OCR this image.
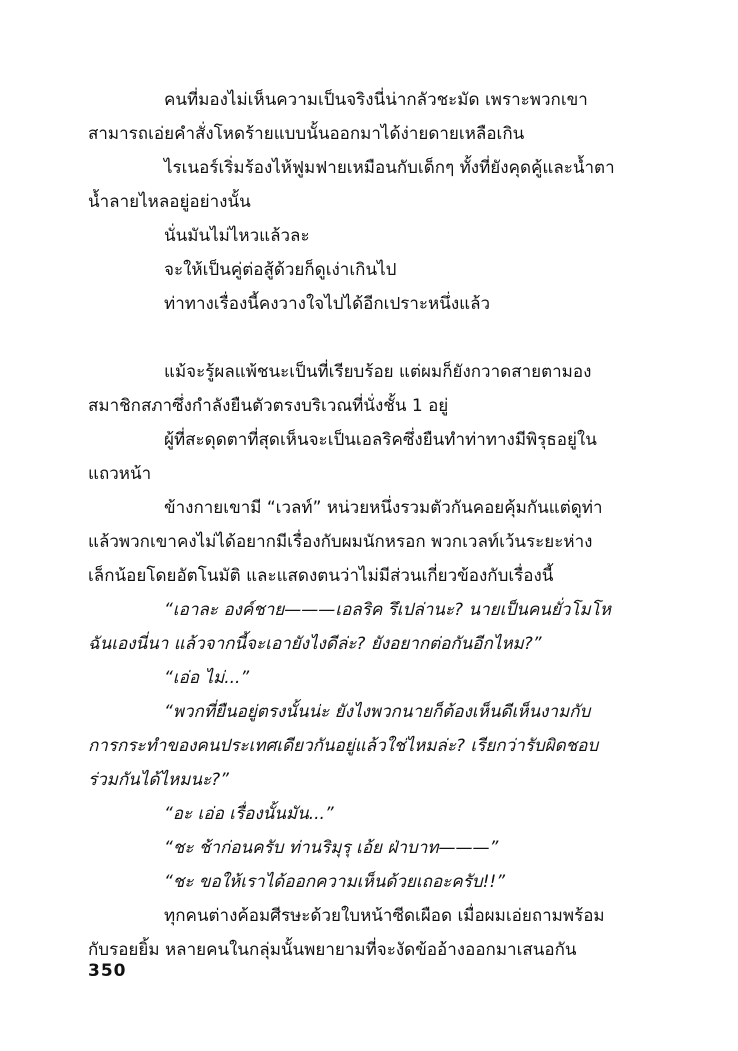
คนที่มองไม่เห็นความเป็นจริงนี่น่ากลัวชะมัด เพราะพวกเขา
สามารถเอ่ยคำสั่งโหดร้ายแบบนั้นออกมาได้ง่ายดายเหลือเกิน
ไรเนอร์เริ่มร้องไห้ฟูมฟายเหมือนกับเด็กๆ ทั้งที่ยังคุดคู้และน้ำตา
น้ำลายไหลอยู่อย่างนั้น
นั่นมันไม่ไหวแล้วละ
จะให้เป็นคู่ต่อสู้ด้วยก็ดูเง่าเกินไป
ท่าทางเรื่องนี้คงวางใจไปได้อีกเปราะหนึ่งแล้ว
แม้จะรู้ผลแพ้ชนะเป็นที่เรียบร้อย แต่ผมก็ยังกวาดสายตามอง
สมาชิกสภาซึ่งกำลังยืนตัวตรงบริเวณที่นั่งชั้น 1 อยู่
ผู้ที่สะดุดตาที่สุดเห็นจะเป็นเอลริคซึ่งยืนทำท่าทางมีพิรุธอยู่ใน
แถวหน้า
ข้างกายเขามี “เวลท์” หน่วยหนึ่งรวมตัวกันคอยคุ้มกันแต่ดูท่า
แล้วพวกเขาคงไม่ได้อยากมีเรื่องกับผมนักหรอก พวกเวลท์เว้นระยะห่าง
เล็กน้อยโดยอัตโนมัติ และแสดงตนว่าไม่มีส่วนเกี่ยวข้องกับเรื่องนี้
“เอาละ องค์ชาย———เอลริค รึเปล่านะ? นายเป็นคนยั่วโมโห
ฉันเองนี่นา แล้วจากนี้จะเอายังไงดีล่ะ? ยังอยากต่อกันอีกไหม?”
“เอ่อ ไม่...”
“พวกที่ยืนอยู่ตรงนั้นน่ะ ยังไงพวกนายก็ต้องเห็นดีเห็นงามกับ
การกระทำของคนประเทศเดียวกันอยู่แล้วใช่ไหมล่ะ? เรียกว่ารับผิดชอบ
ร่วมกันได้ไหมนะ?”
“อะ เอ่อ เรื่องนั้นมัน...”
“ชะ ช้าก่อนครับ ท่านริมุรุ เอ้ย ฝ่าบาท———”
“ชะ ขอให้เราได้ออกความเห็นด้วยเถอะครับ!!”
ทุกคนต่างค้อมศีรษะด้วยใบหน้าซีดเผือด เมื่อผมเอ่ยถามพร้อม
กับรอยยิ้ม หลายคนในกลุ่มนั้นพยายามที่จะงัดข้ออ้างออกมาเสนอกัน
350
